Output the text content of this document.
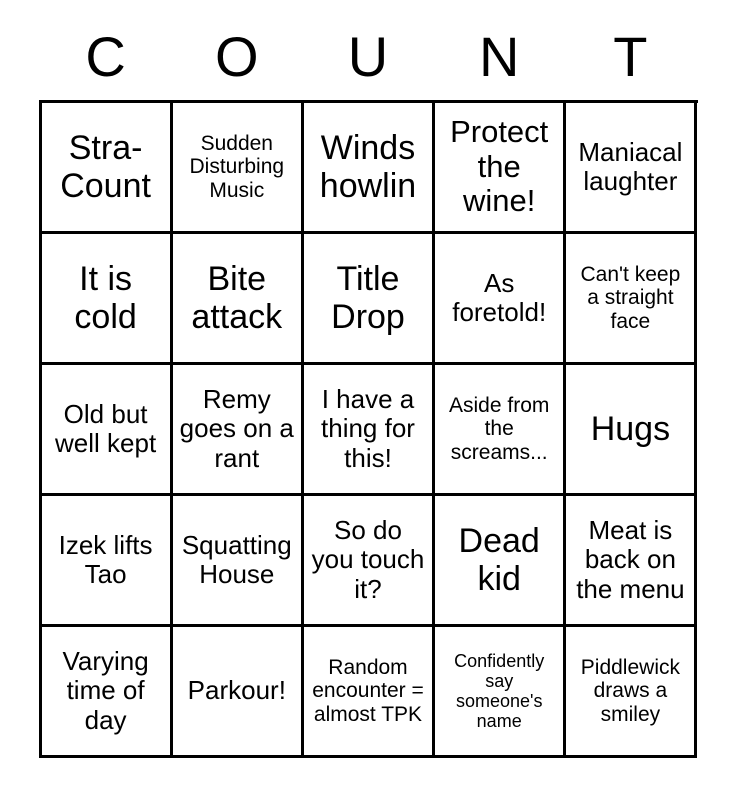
C O U N T
Stra-Count
Sudden Disturbing Music
Winds howlin
Protect the wine!
Maniacal laughter
It is cold
Bite attack
Title Drop
As foretold!
Can't keep a straight face
Old but well kept
Remy goes on a rant
I have a thing for this!
Aside from the screams...
Hugs
Izek lifts Tao
Squatting House
So do you touch it?
Dead kid
Meat is back on the menu
Varying time of day
Parkour!
Random encounter = almost TPK
Confidently say someone's name
Piddlewick draws a smiley
